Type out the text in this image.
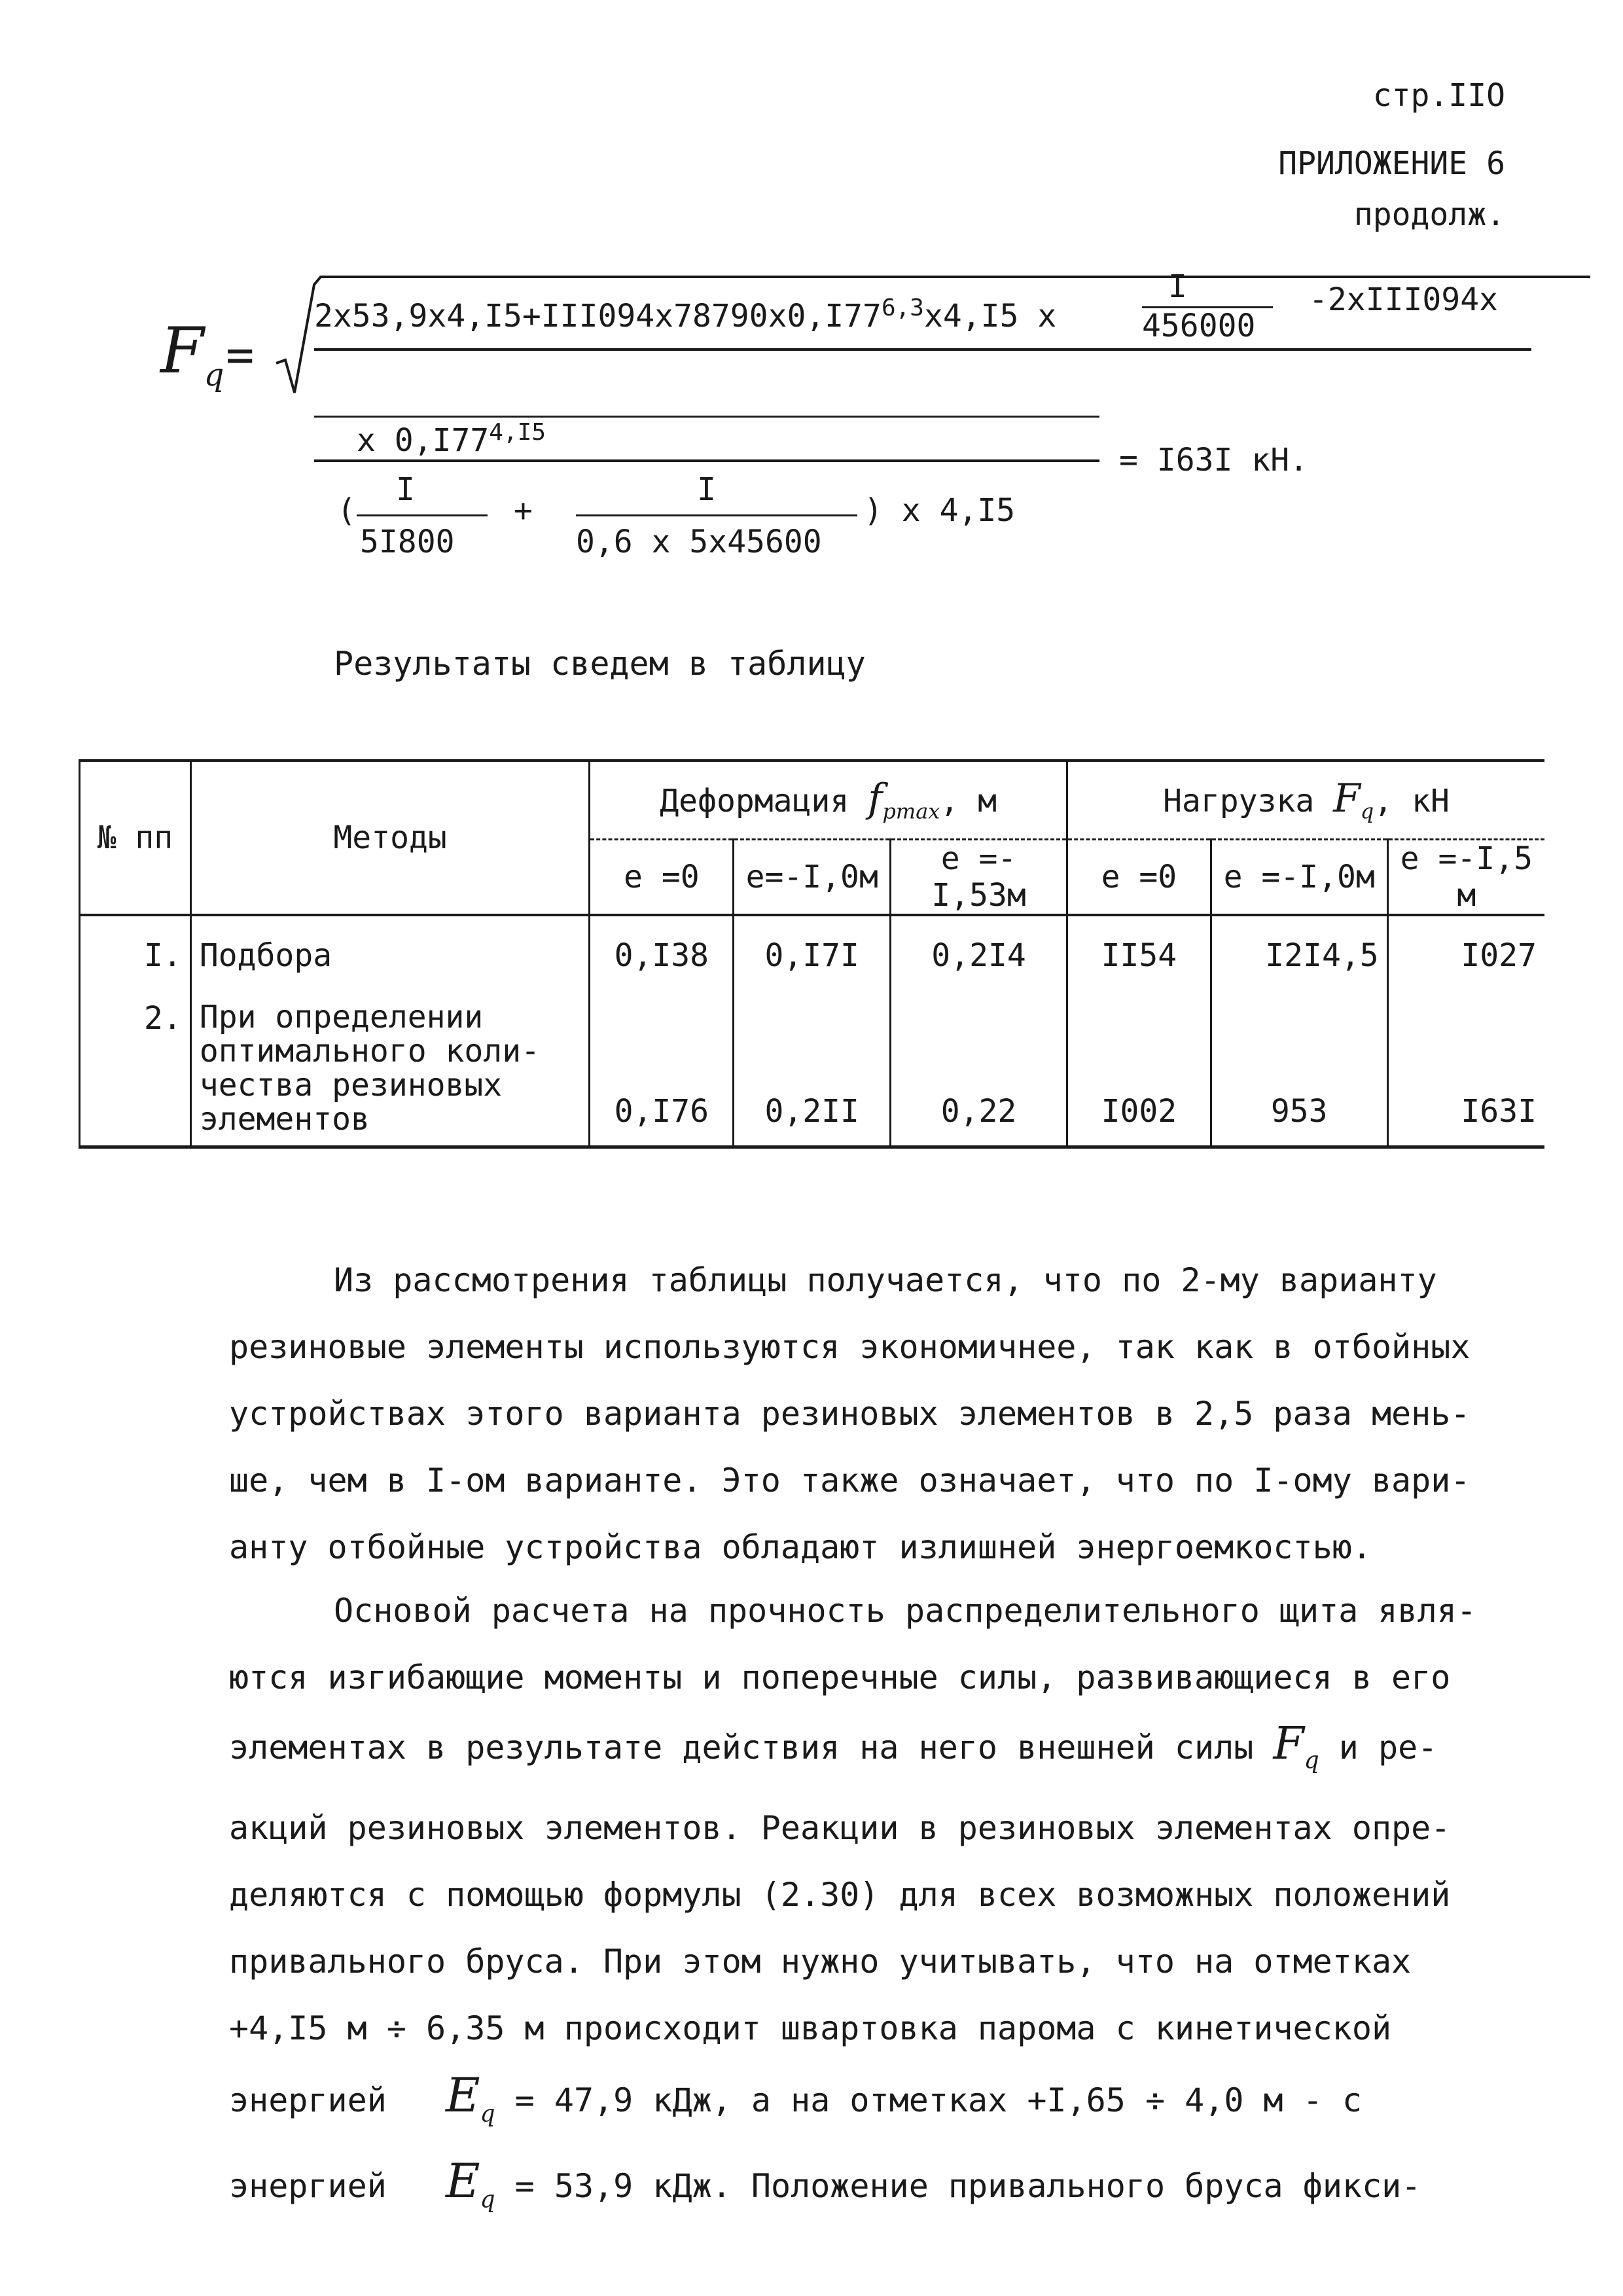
стр.IIO
ПРИЛОЖЕНИЕ 6
продолж.
$F_q$ =
$2x53,9x4,I5+III094x78790x0,I77^{6,3}x4,I5$ x
I
456000
-2xIII094x
x $0,I77^{4,I5}$
= I63I кН.
(
I
5I800
+
I
0,6 x 5x45600
) x 4,I5
Результаты сведем в таблицу
№ пп	Методы	Деформация $f_{pmax}$, м			Нагрузка $F_q$, кН		
		e =0	e=-I,0м	e =-I,53м	e =0	e =-I,0м	e =-I,5 м
I.	Подбора	0,I38	0,I7I	0,2I4	II54	I2I4,5	I027
2.	При определении
оптимального коли-
чества резиновых
элементов	0,I76	0,2II	0,22	I002	953	I63I
Из рассмотрения таблицы получается, что по 2-му варианту
резиновые элементы используются экономичнее, так как в отбойных
устройствах этого варианта резиновых элементов в 2,5 раза мень-
ше, чем в I-ом варианте. Это также означает, что по I-ому вари-
анту отбойные устройства обладают излишней энергоемкостью.
Основой расчета на прочность распределительного щита явля-
ются изгибающие моменты и поперечные силы, развивающиеся в его
элементах в результате действия на него внешней силы $F_q$ и ре-
акций резиновых элементов. Реакции в резиновых элементах опре-
деляются с помощью формулы (2.30) для всех возможных положений
привального бруса. При этом нужно учитывать, что на отметках
+4,I5 м ÷ 6,35 м происходит швартовка парома с кинетической
энергией $E_q = 47,9$ кДж, а на отметках +I,65 ÷ 4,0 м - с
энергией $E_q = 53,9$ кДж. Положение привального бруса фикси-
